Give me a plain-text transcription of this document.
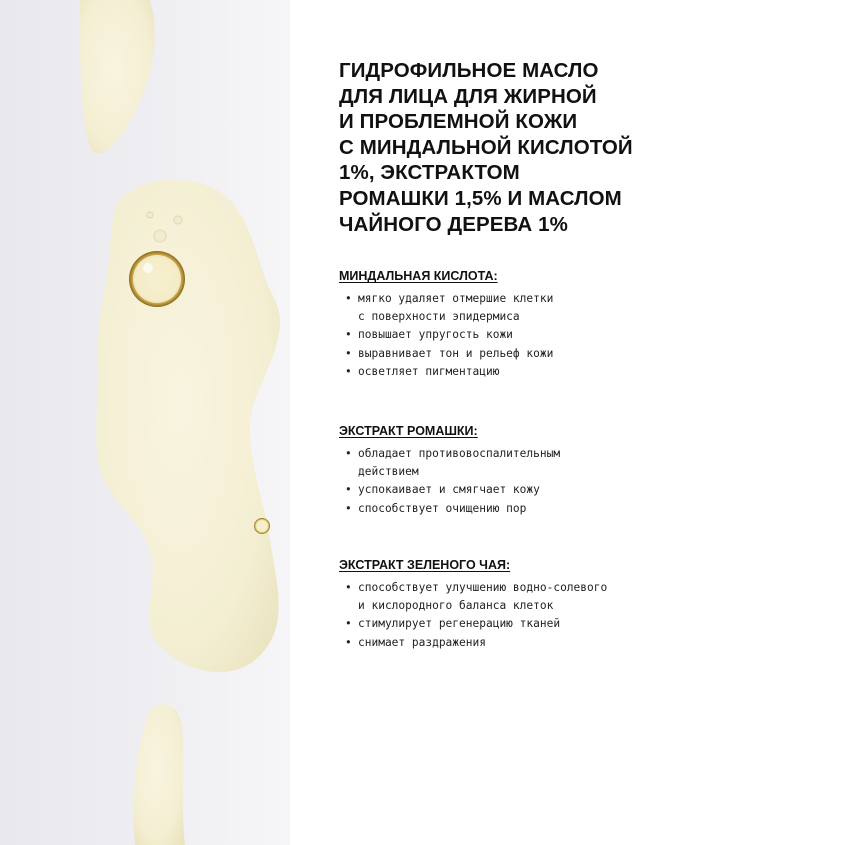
ГИДРОФИЛЬНОЕ МАСЛО
ДЛЯ ЛИЦА ДЛЯ ЖИРНОЙ
И ПРОБЛЕМНОЙ КОЖИ
С МИНДАЛЬНОЙ КИСЛОТОЙ
1%, ЭКСТРАКТОМ
РОМАШКИ 1,5% И МАСЛОМ
ЧАЙНОГО ДЕРЕВА 1%
МИНДАЛЬНАЯ КИСЛОТА:
• мягко удаляет отмершие клетки
с поверхности эпидермиса
• повышает упругость кожи
• выравнивает тон и рельеф кожи
• осветляет пигментацию
ЭКСТРАКТ РОМАШКИ:
• обладает противовоспалительным
действием
• успокаивает и смягчает кожу
• способствует очищению пор
ЭКСТРАКТ ЗЕЛЕНОГО ЧАЯ:
• способствует улучшению водно-солевого
и кислородного баланса клеток
• стимулирует регенерацию тканей
• снимает раздражения
